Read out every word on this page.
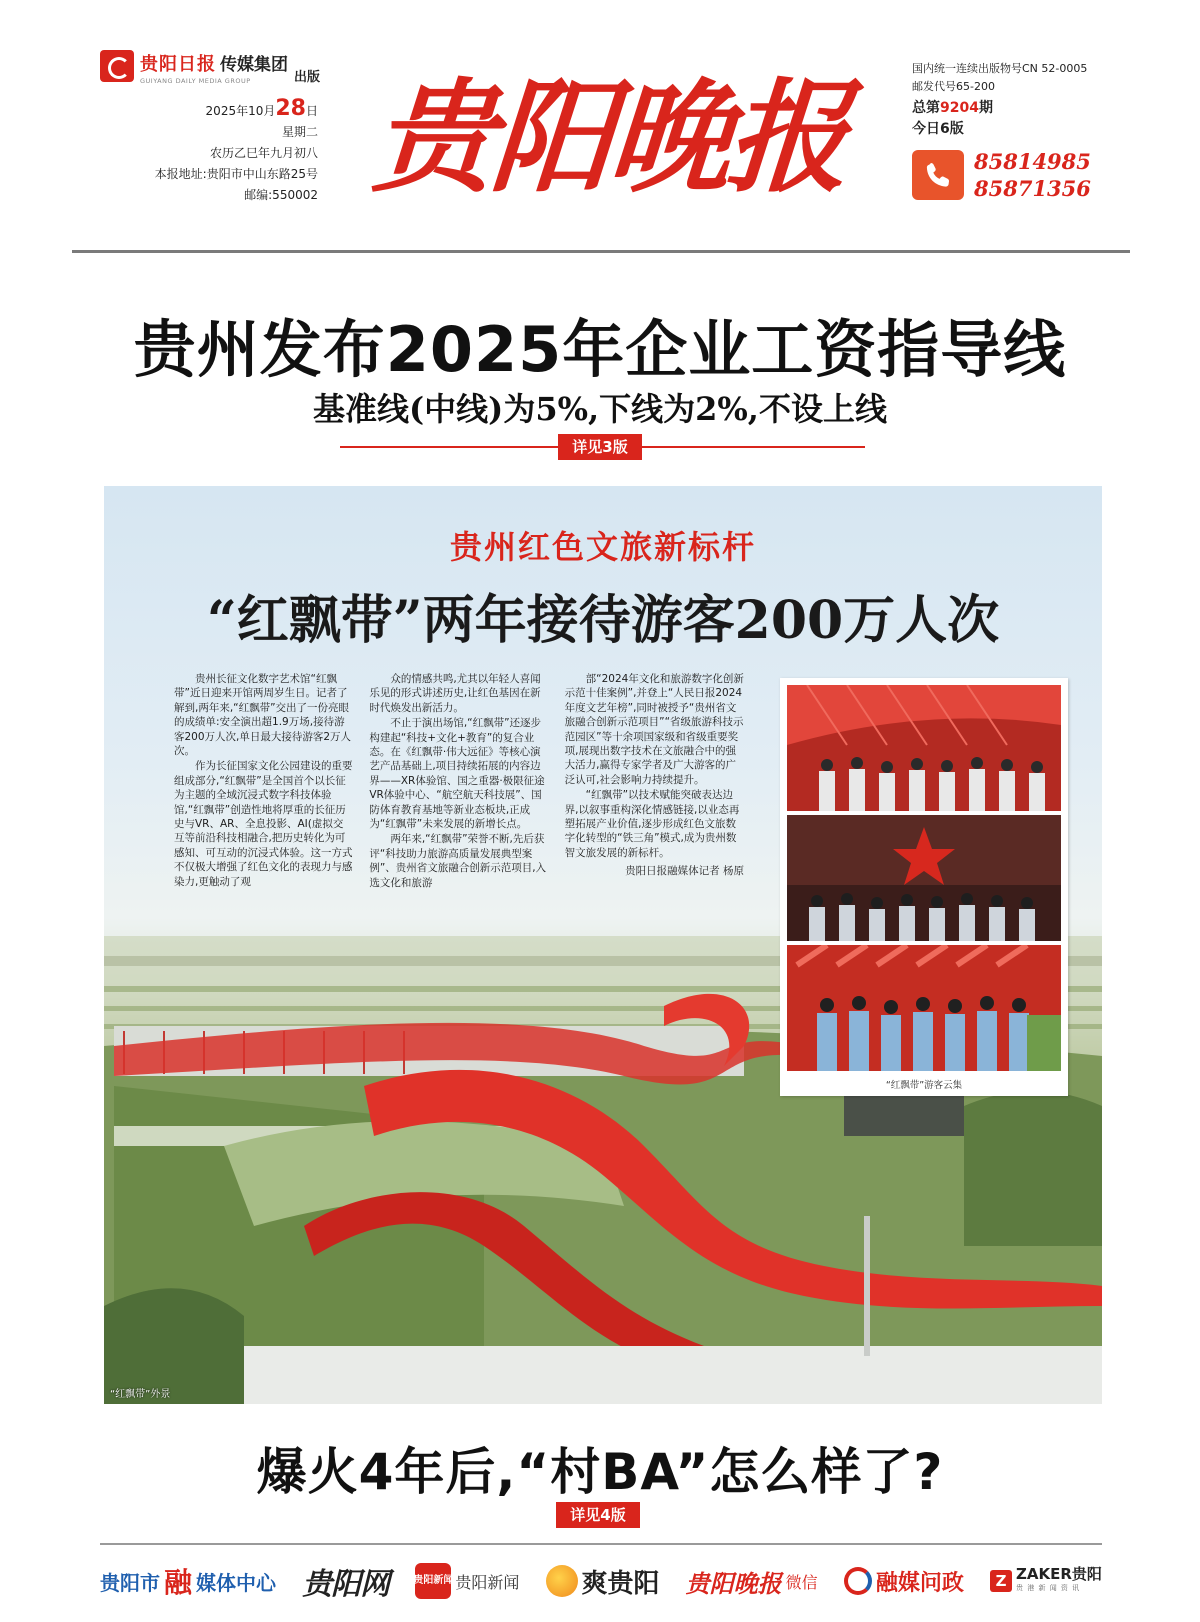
贵阳日报 传媒集团
GUIYANG DAILY MEDIA GROUP	出版
2025年10月28日
星期二
农历乙巳年九月初八
本报地址:贵阳市中山东路25号
邮编:550002 贵阳晚报	国内统一连续出版物号CN 52-0005
邮发代号65-200
总第9204期
今日6版
85814985
85871356
贵州发布2025年企业工资指导线
基准线(中线)为5%,下线为2%,不设上线
详见3版
贵州红色文旅新标杆
“红飘带”两年接待游客200万人次

贵州长征文化数字艺术馆“红飘带”近日迎来开馆两周岁生日。记者了解到,两年来,“红飘带”交出了一份亮眼的成绩单:安全演出超1.9万场,接待游客200万人次,单日最大接待游客2万人次。

作为长征国家文化公园建设的重要组成部分,“红飘带”是全国首个以长征为主题的全域沉浸式数字科技体验馆,“红飘带”创造性地将厚重的长征历史与VR、AR、全息投影、AI(虚拟交互等前沿科技相融合,把历史转化为可感知、可互动的沉浸式体验。这一方式不仅极大增强了红色文化的表现力与感染力,更触动了观

众的情感共鸣,尤其以年轻人喜闻乐见的形式讲述历史,让红色基因在新时代焕发出新活力。

不止于演出场馆,“红飘带”还逐步构建起“科技+文化+教育”的复合业态。在《红飘带·伟大远征》等核心演艺产品基础上,项目持续拓展的内容边界——XR体验馆、国之重器·极限征途VR体验中心、“航空航天科技展”、国防体育教育基地等新业态板块,正成为“红飘带”未来发展的新增长点。

两年来,“红飘带”荣誉不断,先后获评“科技助力旅游高质量发展典型案例”、贵州省文旅融合创新示范项目,入选文化和旅游

部“2024年文化和旅游数字化创新示范十佳案例”,并登上“人民日报2024年度文艺年榜”,同时被授予“贵州省文旅融合创新示范项目”“省级旅游科技示范园区”等十余项国家级和省级重要奖项,展现出数字技术在文旅融合中的强大活力,赢得专家学者及广大游客的广泛认可,社会影响力持续提升。

“红飘带”以技术赋能突破表达边界,以叙事重构深化情感链接,以业态再塑拓展产业价值,逐步形成红色文旅数字化转型的“铁三角”模式,成为贵州数智文旅发展的新标杆。

贵阳日报融媒体记者 杨原
“红飘带”游客云集
“红飘带”外景
爆火4年后,“村BA”怎么样了?
详见4版
贵阳市 融 媒体中心 贵阳网 贵阳新闻 贵阳新闻 爽贵阳 贵阳晚报 微信	融媒问政	Z ZAKER贵阳
贵 港 新 闻 资 讯
